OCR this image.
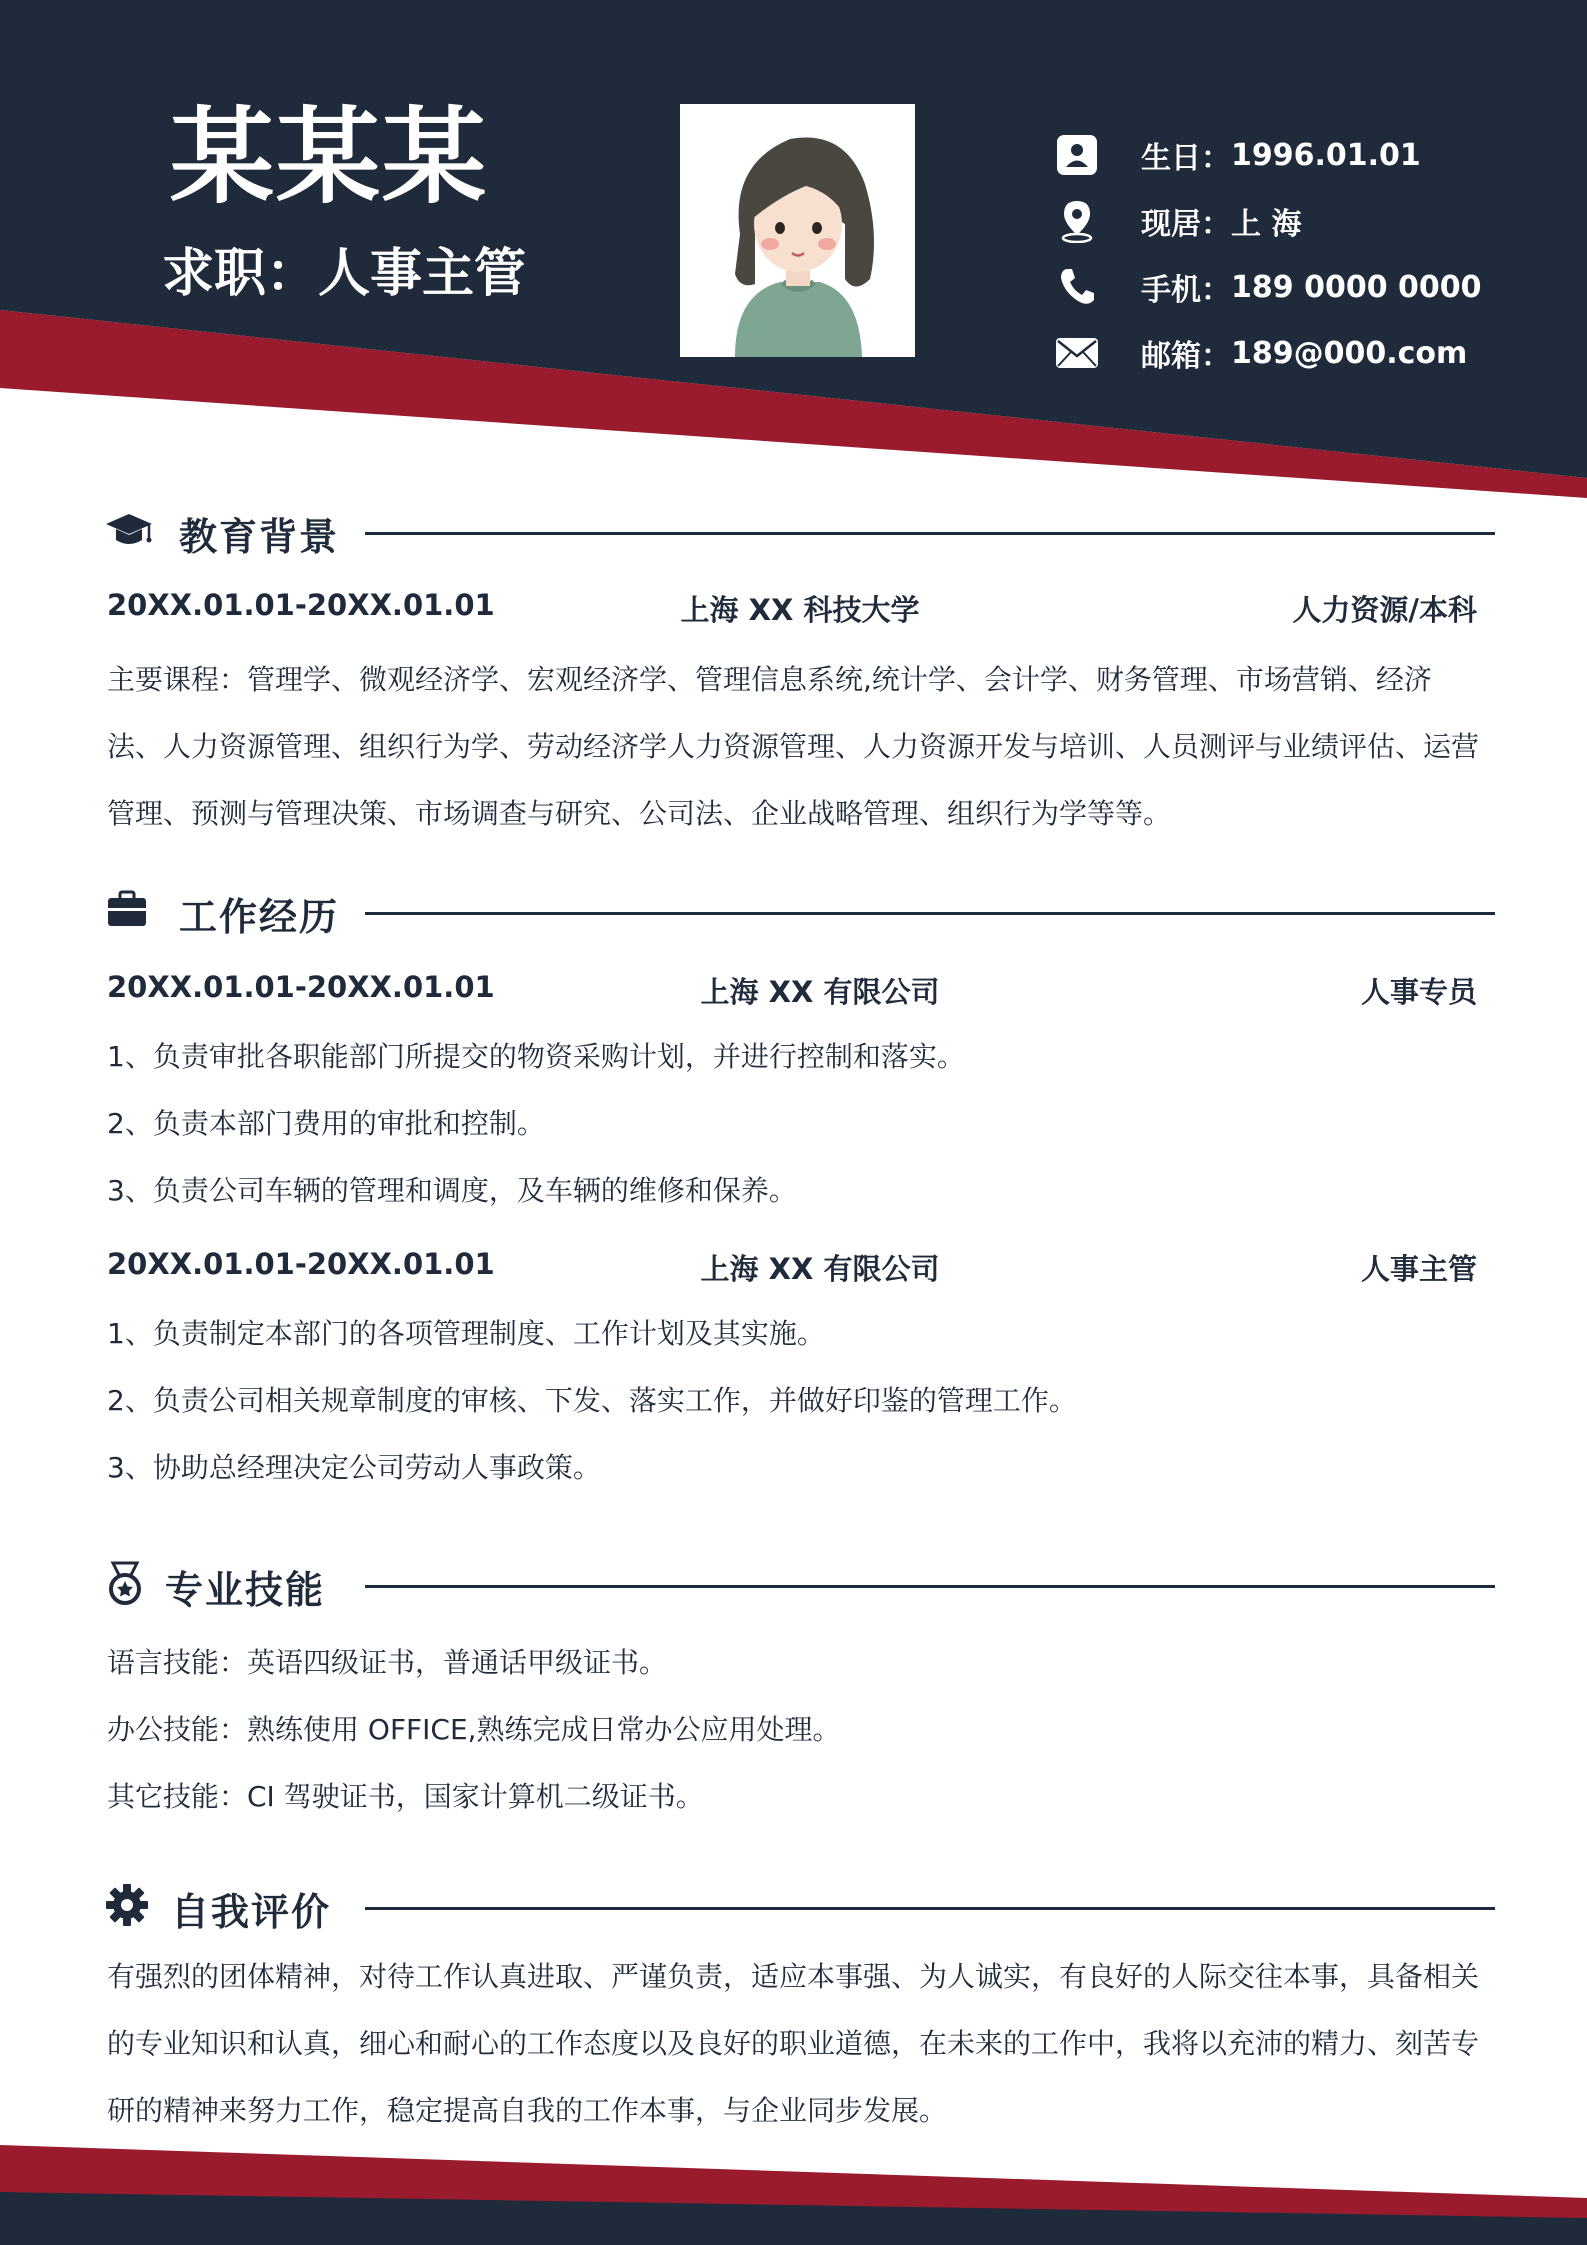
某某某
求职：人事主管
生日： 1996.01.01
现居： 上 海
手机： 189 0000 0000
邮箱： 189@000.com
教育背景
20XX.01.01-20XX.01.01	上海 XX 科技大学	人力资源/本科

主要课程：管理学、微观经济学、宏观经济学、管理信息系统,统计学、会计学、财务管理、市场营销、经济法、人力资源管理、组织行为学、劳动经济学人力资源管理、人力资源开发与培训、人员测评与业绩评估、运营管理、预测与管理决策、市场调查与研究、公司法、企业战略管理、组织行为学等等。

工作经历
20XX.01.01-20XX.01.01	上海 XX 有限公司	人事专员
1、负责审批各职能部门所提交的物资采购计划，并进行控制和落实。
2、负责本部门费用的审批和控制。
3、负责公司车辆的管理和调度，及车辆的维修和保养。
20XX.01.01-20XX.01.01	上海 XX 有限公司	人事主管
1、负责制定本部门的各项管理制度、工作计划及其实施。
2、负责公司相关规章制度的审核、下发、落实工作，并做好印鉴的管理工作。
3、协助总经理决定公司劳动人事政策。
专业技能
语言技能：英语四级证书，普通话甲级证书。
办公技能：熟练使用 OFFICE,熟练完成日常办公应用处理。
其它技能：CI 驾驶证书，国家计算机二级证书。
自我评价

有强烈的团体精神，对待工作认真进取、严谨负责，适应本事强、为人诚实，有良好的人际交往本事，具备相关的专业知识和认真，细心和耐心的工作态度以及良好的职业道德，在未来的工作中，我将以充沛的精力、刻苦专研的精神来努力工作，稳定提高自我的工作本事，与企业同步发展。
